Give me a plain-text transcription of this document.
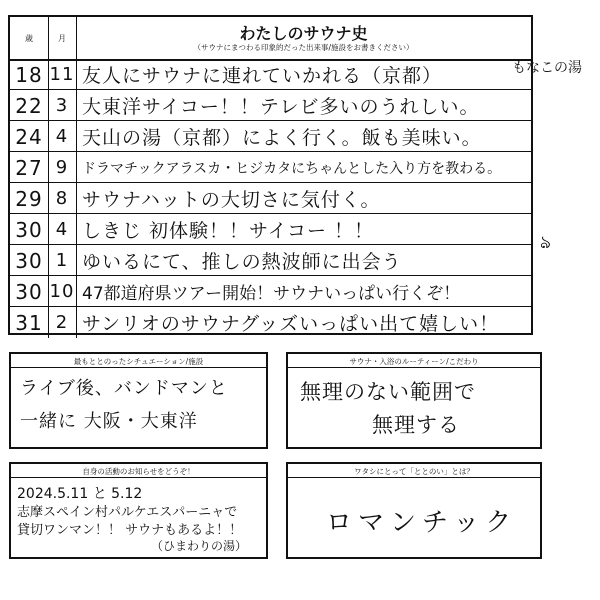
歳	月	わたしのサウナ史
（サウナにまつわる印象的だった出来事/施設をお書きください）
18 11 友人にサウナに連れていかれる（京都）
22 3 大東洋サイコー！！テレビ多いのうれしい。
24 4 天山の湯（京都）によく行く。飯も美味い。
27 9 ドラマチックアラスカ・ヒジカタにちゃんとした入り方を教わる。
29 8 サウナハットの大切さに気付く。
30 4 しきじ 初体験！！サイコー ！！
30 1 ゆいるにて、推しの熱波師に出会う
30 10 47都道府県ツアー開始！サウナいっぱい行くぞ！
31 2 サンリオのサウナグッズいっぱい出て嬉しい！
もなこの湯
ঌ
最もととのったシチュエーション/施設
ライブ後、バンドマンと
一緒に 大阪・大東洋
サウナ・入浴のルーティーン/こだわり
無理のない範囲で
無理する
自身の活動のお知らせをどうぞ！
2024.5.11 と 5.12
志摩スペイン村パルケエスパーニャで
貸切ワンマン！！ サウナもあるよ！！
（ひまわりの湯）
ワタシにとって「ととのい」とは？
ロマンチック
